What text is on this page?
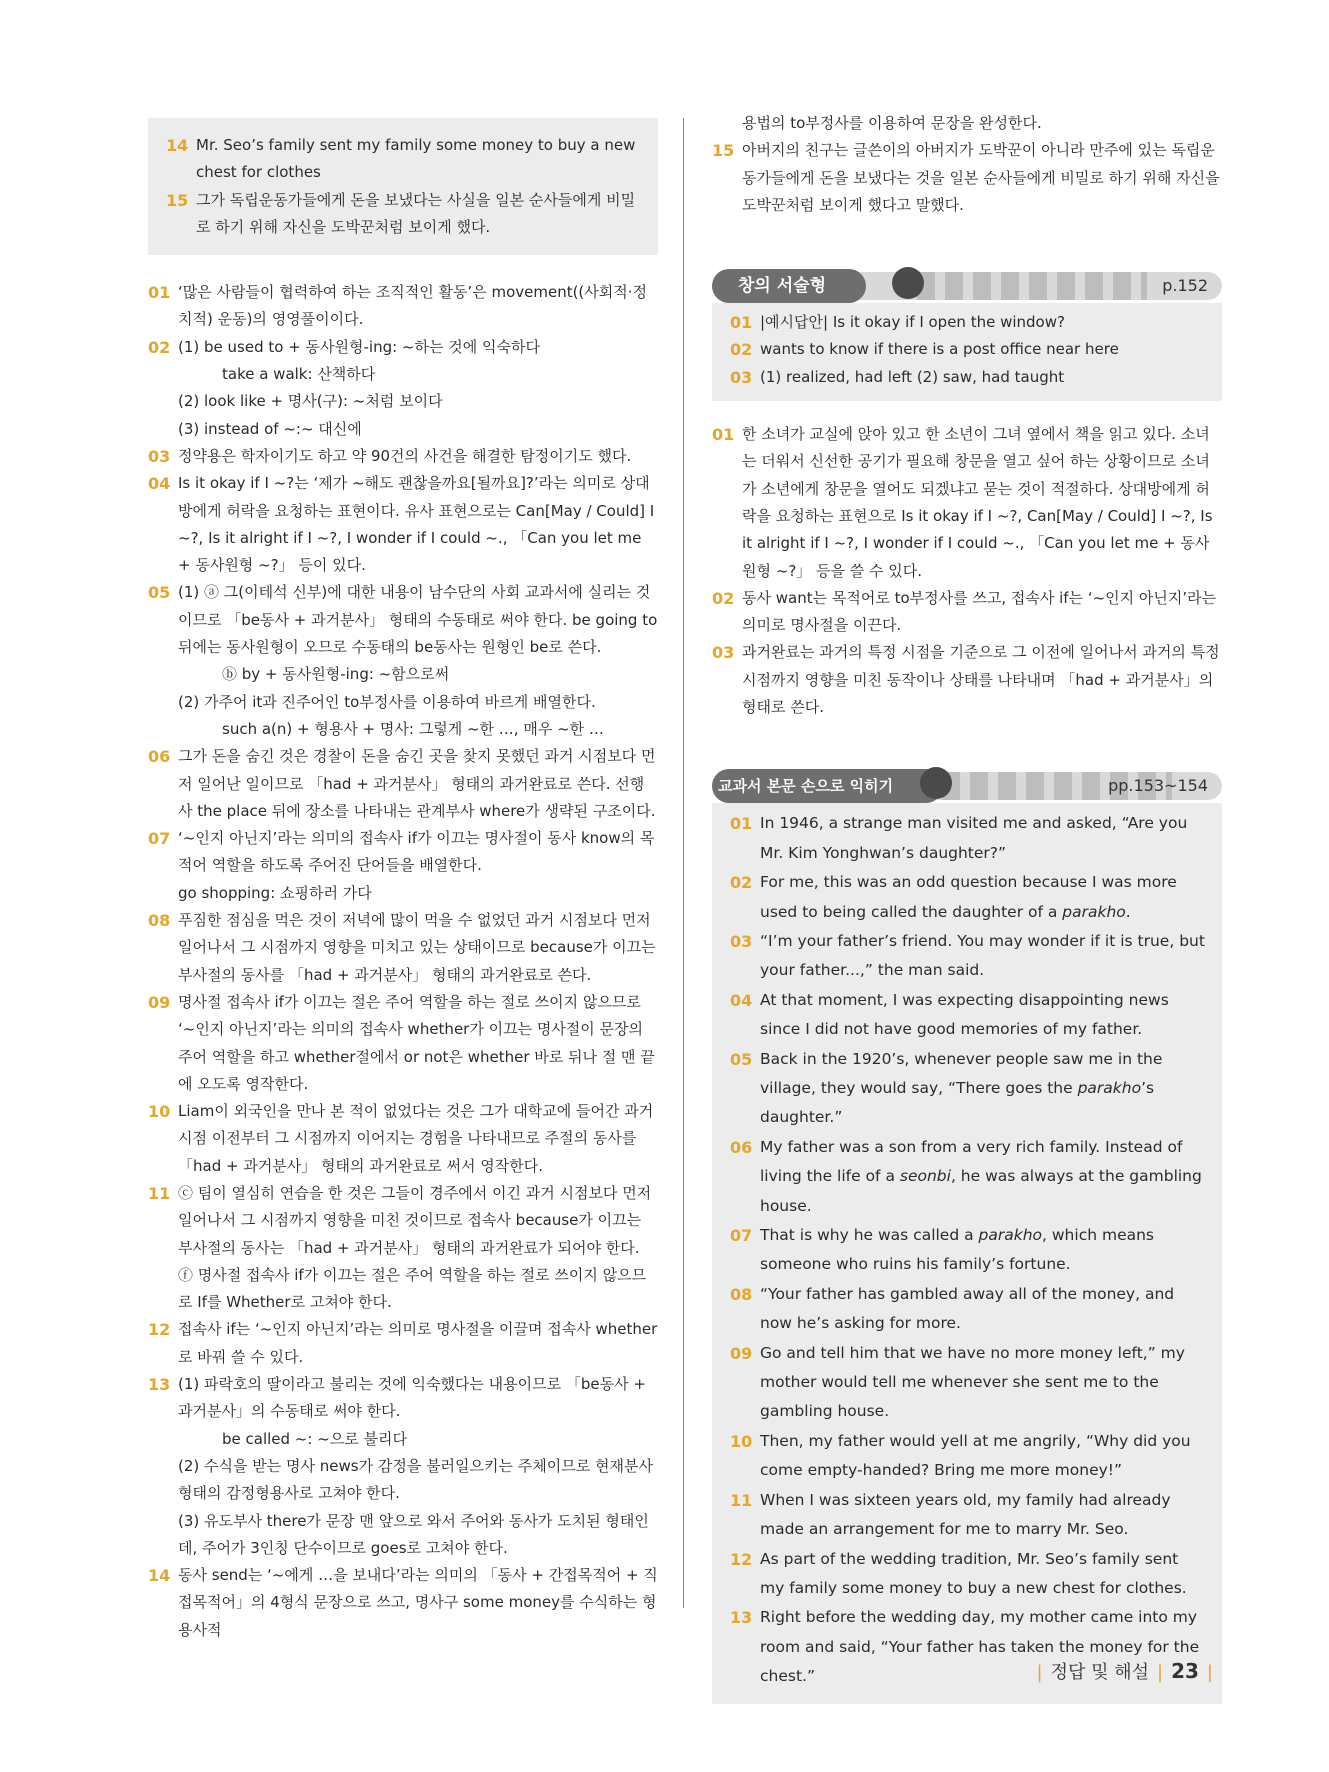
14 Mr. Seo’s family sent my family some money to buy a new chest for clothes
15 그가 독립운동가들에게 돈을 보냈다는 사실을 일본 순사들에게 비밀로 하기 위해 자신을 도박꾼처럼 보이게 했다.
01 ‘많은 사람들이 협력하여 하는 조직적인 활동’은 movement((사회적·정치적) 운동)의 영영풀이이다.
02 (1) be used to + 동사원형-ing: ~하는 것에 익숙하다
take a walk: 산책하다
(2) look like + 명사(구): ~처럼 보이다
(3) instead of ~:~ 대신에
03 정약용은 학자이기도 하고 약 90건의 사건을 해결한 탐정이기도 했다.
04 Is it okay if I ~?는 ‘제가 ~해도 괜찮을까요[될까요]?’라는 의미로 상대방에게 허락을 요청하는 표현이다. 유사 표현으로는 Can[May / Could] I ~?, Is it alright if I ~?, I wonder if I could ~., 「Can you let me + 동사원형 ~?」 등이 있다.
05 (1) ⓐ 그(이테석 신부)에 대한 내용이 남수단의 사회 교과서에 실리는 것이므로 「be동사 + 과거분사」 형태의 수동태로 써야 한다. be going to 뒤에는 동사원형이 오므로 수동태의 be동사는 원형인 be로 쓴다.
ⓑ by + 동사원형-ing: ~함으로써
(2) 가주어 it과 진주어인 to부정사를 이용하여 바르게 배열한다.
such a(n) + 형용사 + 명사: 그렇게 ~한 …, 매우 ~한 …
06 그가 돈을 숨긴 것은 경찰이 돈을 숨긴 곳을 찾지 못했던 과거 시점보다 먼저 일어난 일이므로 「had + 과거분사」 형태의 과거완료로 쓴다. 선행사 the place 뒤에 장소를 나타내는 관계부사 where가 생략된 구조이다.
07 ‘~인지 아닌지’라는 의미의 접속사 if가 이끄는 명사절이 동사 know의 목적어 역할을 하도록 주어진 단어들을 배열한다.
go shopping: 쇼핑하러 가다
08 푸짐한 점심을 먹은 것이 저녁에 많이 먹을 수 없었던 과거 시점보다 먼저 일어나서 그 시점까지 영향을 미치고 있는 상태이므로 because가 이끄는 부사절의 동사를 「had + 과거분사」 형태의 과거완료로 쓴다.
09 명사절 접속사 if가 이끄는 절은 주어 역할을 하는 절로 쓰이지 않으므로 ‘~인지 아닌지’라는 의미의 접속사 whether가 이끄는 명사절이 문장의 주어 역할을 하고 whether절에서 or not은 whether 바로 뒤나 절 맨 끝에 오도록 영작한다.
10 Liam이 외국인을 만나 본 적이 없었다는 것은 그가 대학교에 들어간 과거 시점 이전부터 그 시점까지 이어지는 경험을 나타내므로 주절의 동사를 「had + 과거분사」 형태의 과거완료로 써서 영작한다.
11 ⓒ 팀이 열심히 연습을 한 것은 그들이 경주에서 이긴 과거 시점보다 먼저 일어나서 그 시점까지 영향을 미친 것이므로 접속사 because가 이끄는 부사절의 동사는 「had + 과거분사」 형태의 과거완료가 되어야 한다.
ⓕ 명사절 접속사 if가 이끄는 절은 주어 역할을 하는 절로 쓰이지 않으므로 If를 Whether로 고쳐야 한다.
12 접속사 if는 ‘~인지 아닌지’라는 의미로 명사절을 이끌며 접속사 whether로 바꿔 쓸 수 있다.
13 (1) 파락호의 딸이라고 불리는 것에 익숙했다는 내용이므로 「be동사 + 과거분사」의 수동태로 써야 한다.
be called ~: ~으로 불리다
(2) 수식을 받는 명사 news가 감정을 불러일으키는 주체이므로 현재분사 형태의 감정형용사로 고쳐야 한다.
(3) 유도부사 there가 문장 맨 앞으로 와서 주어와 동사가 도치된 형태인데, 주어가 3인칭 단수이므로 goes로 고쳐야 한다.
14 동사 send는 ‘~에게 …을 보내다’라는 의미의 「동사 + 간접목적어 + 직접목적어」의 4형식 문장으로 쓰고, 명사구 some money를 수식하는 형용사적
용법의 to부정사를 이용하여 문장을 완성한다.
15 아버지의 친구는 글쓴이의 아버지가 도박꾼이 아니라 만주에 있는 독립운동가들에게 돈을 보냈다는 것을 일본 순사들에게 비밀로 하기 위해 자신을 도박꾼처럼 보이게 했다고 말했다.
창의 서술형	p.152
01 |예시답안| Is it okay if I open the window?
02 wants to know if there is a post office near here
03 (1) realized, had left (2) saw, had taught
01 한 소녀가 교실에 앉아 있고 한 소년이 그녀 옆에서 책을 읽고 있다. 소녀는 더워서 신선한 공기가 필요해 창문을 열고 싶어 하는 상황이므로 소녀가 소년에게 창문을 열어도 되겠냐고 묻는 것이 적절하다. 상대방에게 허락을 요청하는 표현으로 Is it okay if I ~?, Can[May / Could] I ~?, Is it alright if I ~?, I wonder if I could ~., 「Can you let me + 동사원형 ~?」 등을 쓸 수 있다.
02 동사 want는 목적어로 to부정사를 쓰고, 접속사 if는 ‘~인지 아닌지’라는 의미로 명사절을 이끈다.
03 과거완료는 과거의 특정 시점을 기준으로 그 이전에 일어나서 과거의 특정 시점까지 영향을 미친 동작이나 상태를 나타내며 「had + 과거분사」의 형태로 쓴다.
교과서 본문 손으로 익히기	pp.153~154
01 In 1946, a strange man visited me and asked, “Are you Mr. Kim Yonghwan’s daughter?”
02 For me, this was an odd question because I was more used to being called the daughter of a parakho.
03 “I’m your father’s friend. You may wonder if it is true, but your father...,” the man said.
04 At that moment, I was expecting disappointing news since I did not have good memories of my father.
05 Back in the 1920’s, whenever people saw me in the village, they would say, “There goes the parakho’s daughter.”
06 My father was a son from a very rich family. Instead of living the life of a seonbi, he was always at the gambling house.
07 That is why he was called a parakho, which means someone who ruins his family’s fortune.
08 “Your father has gambled away all of the money, and now he’s asking for more.
09 Go and tell him that we have no more money left,” my mother would tell me whenever she sent me to the gambling house.
10 Then, my father would yell at me angrily, “Why did you come empty-handed? Bring me more money!”
11 When I was sixteen years old, my family had already made an arrangement for me to marry Mr. Seo.
12 As part of the wedding tradition, Mr. Seo’s family sent my family some money to buy a new chest for clothes.
13 Right before the wedding day, my mother came into my room and said, “Your father has taken the money for the chest.”	| 정답 및 해설 | 23 |
